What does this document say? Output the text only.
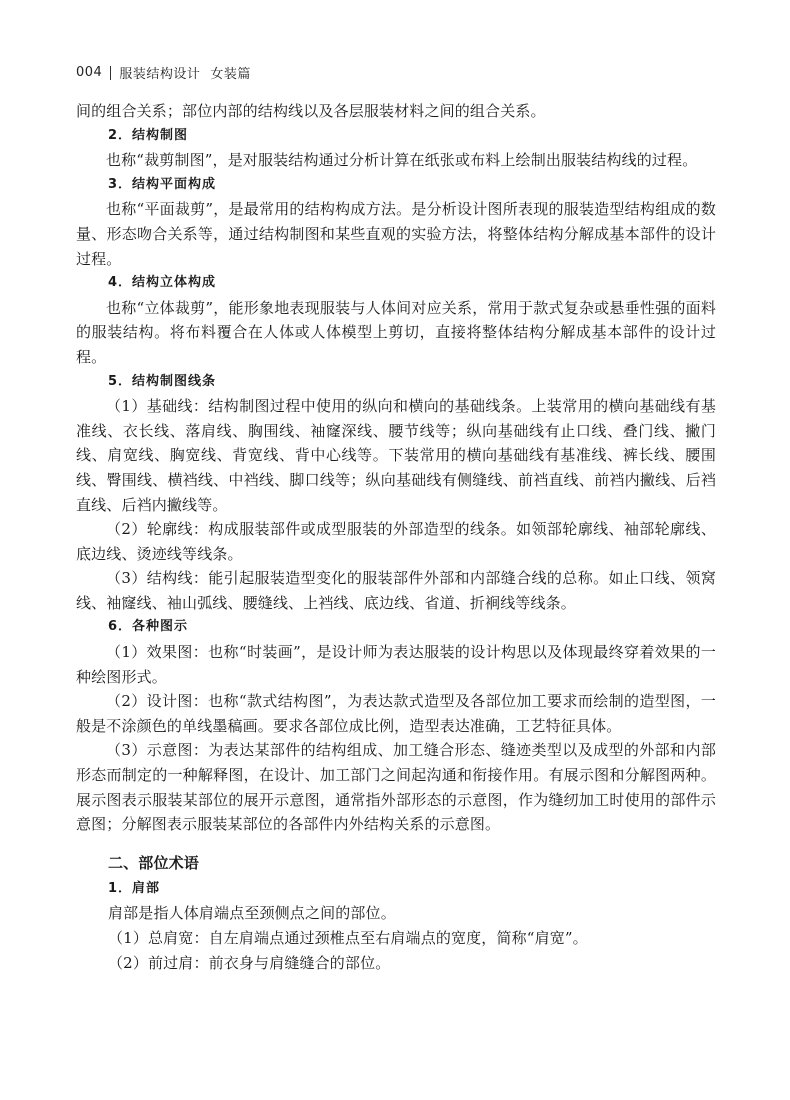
004 服装结构设计 女装篇

间的组合关系；部位内部的结构线以及各层服装材料之间的组合关系。

2．结构制图

也称“裁剪制图”，是对服装结构通过分析计算在纸张或布料上绘制出服装结构线的过程。

3．结构平面构成

也称“平面裁剪”，是最常用的结构构成方法。是分析设计图所表现的服装造型结构组成的数量、形态吻合关系等，通过结构制图和某些直观的实验方法，将整体结构分解成基本部件的设计过程。

4．结构立体构成

也称“立体裁剪”，能形象地表现服装与人体间对应关系，常用于款式复杂或悬垂性强的面料的服装结构。将布料覆合在人体或人体模型上剪切，直接将整体结构分解成基本部件的设计过程。

5．结构制图线条

（1）基础线：结构制图过程中使用的纵向和横向的基础线条。上装常用的横向基础线有基准线、衣长线、落肩线、胸围线、袖窿深线、腰节线等；纵向基础线有止口线、叠门线、撇门线、肩宽线、胸宽线、背宽线、背中心线等。下装常用的横向基础线有基准线、裤长线、腰围线、臀围线、横裆线、中裆线、脚口线等；纵向基础线有侧缝线、前裆直线、前裆内撇线、后裆直线、后裆内撇线等。

（2）轮廓线：构成服装部件或成型服装的外部造型的线条。如领部轮廓线、袖部轮廓线、底边线、烫迹线等线条。

（3）结构线：能引起服装造型变化的服装部件外部和内部缝合线的总称。如止口线、领窝线、袖窿线、袖山弧线、腰缝线、上裆线、底边线、省道、折裥线等线条。

6．各种图示

（1）效果图：也称“时装画”，是设计师为表达服装的设计构思以及体现最终穿着效果的一种绘图形式。

（2）设计图：也称“款式结构图”，为表达款式造型及各部位加工要求而绘制的造型图，一般是不涂颜色的单线墨稿画。要求各部位成比例，造型表达准确，工艺特征具体。

（3）示意图：为表达某部件的结构组成、加工缝合形态、缝迹类型以及成型的外部和内部形态而制定的一种解释图，在设计、加工部门之间起沟通和衔接作用。有展示图和分解图两种。展示图表示服装某部位的展开示意图，通常指外部形态的示意图，作为缝纫加工时使用的部件示意图；分解图表示服装某部位的各部件内外结构关系的示意图。

二、部位术语

1．肩部

肩部是指人体肩端点至颈侧点之间的部位。

（1）总肩宽：自左肩端点通过颈椎点至右肩端点的宽度，简称“肩宽”。

（2）前过肩：前衣身与肩缝缝合的部位。
